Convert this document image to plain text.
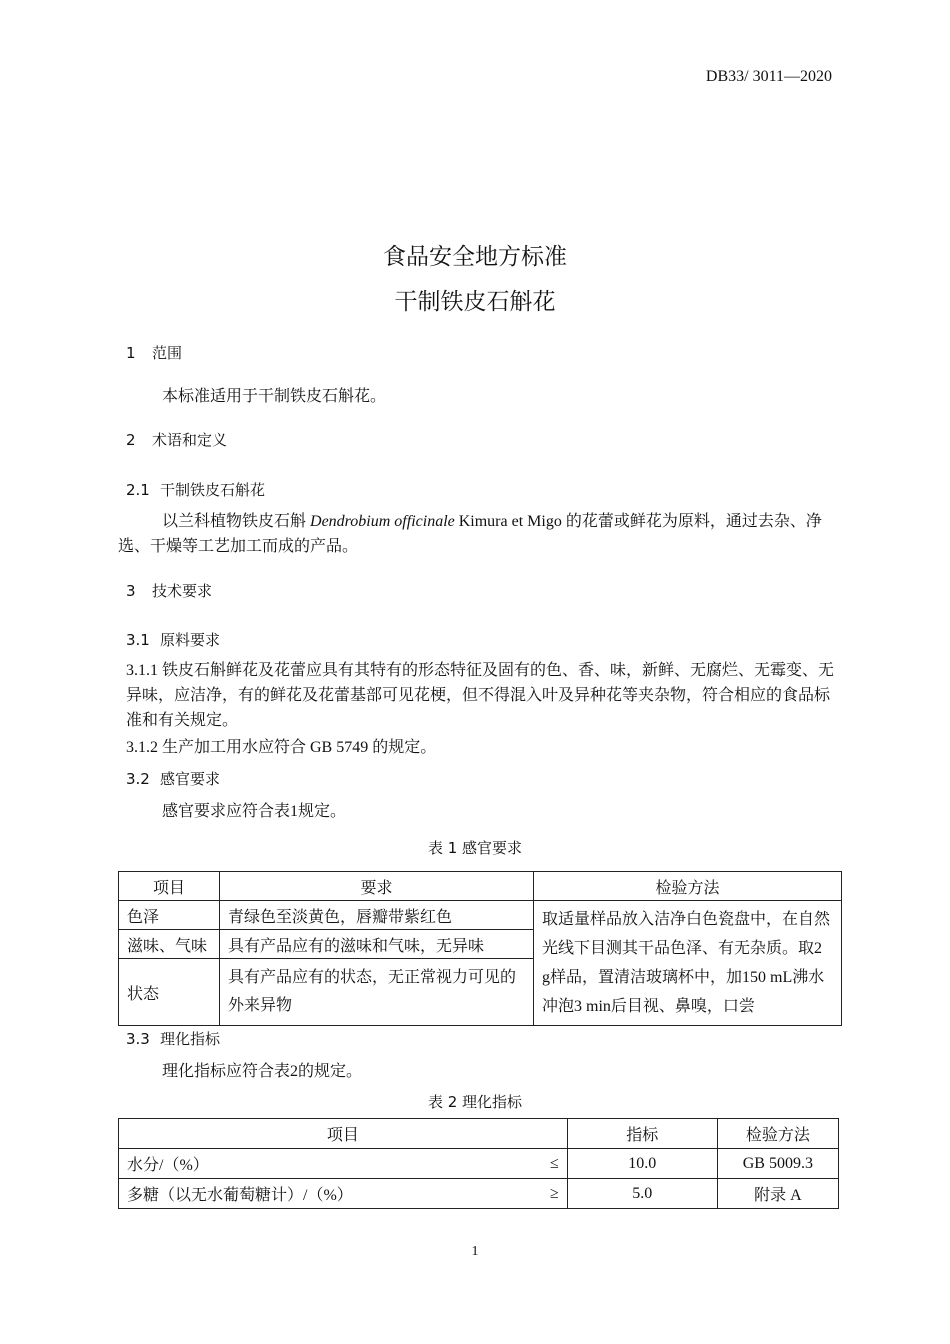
DB33/ 3011—2020
食品安全地方标准
干制铁皮石斛花
1 范围
本标准适用于干制铁皮石斛花。
2 术语和定义
2.1 干制铁皮石斛花
以兰科植物铁皮石斛 Dendrobium officinale Kimura et Migo 的花蕾或鲜花为原料，通过去杂、净选、干燥等工艺加工而成的产品。
3 技术要求
3.1 原料要求
3.1.1 铁皮石斛鲜花及花蕾应具有其特有的形态特征及固有的色、香、味，新鲜、无腐烂、无霉变、无异味，应洁净，有的鲜花及花蕾基部可见花梗，但不得混入叶及异种花等夹杂物，符合相应的食品标准和有关规定。
3.1.2 生产加工用水应符合 GB 5749 的规定。
3.2 感官要求
感官要求应符合表1规定。
表 1 感官要求
项目	要求	检验方法
色泽	青绿色至淡黄色，唇瓣带紫红色	取适量样品放入洁净白色瓷盘中，在自然光线下目测其干品色泽、有无杂质。取2 g样品，置清洁玻璃杯中，加150 mL沸水冲泡3 min后目视、鼻嗅，口尝
滋味、气味	具有产品应有的滋味和气味，无异味	
状态	具有产品应有的状态，无正常视力可见的外来异物	
3.3 理化指标
理化指标应符合表2的规定。
表 2 理化指标
项目		指标	检验方法
水分/（%）	≤	10.0	GB 5009.3
多糖（以无水葡萄糖计）/（%）	≥	5.0	附录 A
1
